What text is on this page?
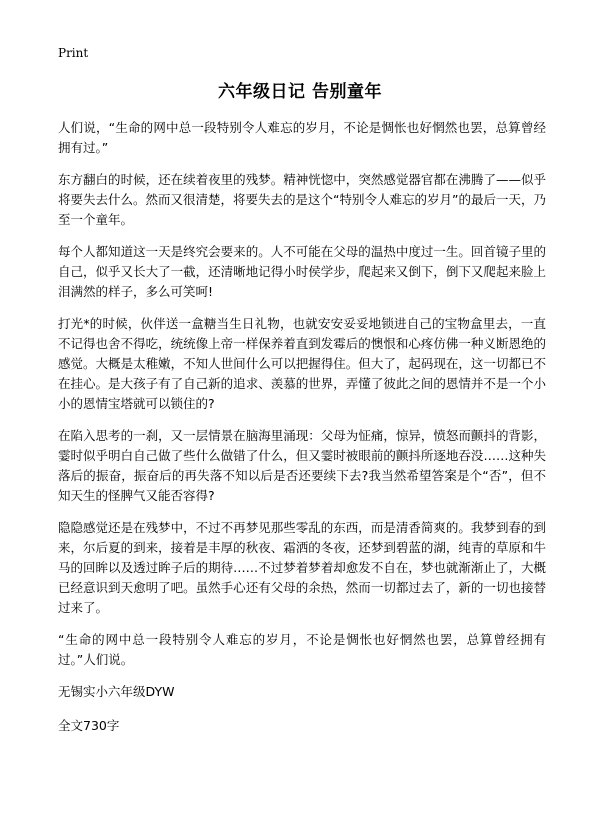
Print
六年级日记 告别童年

人们说，“生命的网中总一段特别令人难忘的岁月，不论是惆怅也好惘然也罢，总算曾经拥有过。”

东方翻白的时候，还在续着夜里的残梦。精神恍惚中，突然感觉器官都在沸腾了——似乎将要失去什么。然而又很清楚，将要失去的是这个“特别令人难忘的岁月”的最后一天，乃至一个童年。

每个人都知道这一天是终究会要来的。人不可能在父母的温热中度过一生。回首镜子里的自己，似乎又长大了一截，还清晰地记得小时侯学步，爬起来又倒下，倒下又爬起来脸上泪满然的样子，多么可笑呵!

打光*的时候，伙伴送一盒糖当生日礼物，也就安安妥妥地锁进自己的宝物盒里去，一直不记得也舍不得吃，统统像上帝一样保养着直到发霉后的懊恨和心疼仿佛一种义断恩绝的感觉。大概是太稚嫩，不知人世间什么可以把握得住。但大了，起码现在，这一切都已不在挂心。是大孩子有了自己新的追求、羡慕的世界，弄懂了彼此之间的恩情并不是一个小小的恩情宝塔就可以锁住的?

在陷入思考的一刹，又一层情景在脑海里涌现：父母为怔痛，惊异，愤怒而颤抖的背影，霎时似乎明白自己做了些什么做错了什么，但又霎时被眼前的颤抖所逐地吞没……这种失落后的振奋，振奋后的再失落不知以后是否还要续下去?我当然希望答案是个“否”，但不知天生的怪脾气又能否容得?

隐隐感觉还是在残梦中，不过不再梦见那些零乱的东西，而是清香简爽的。我梦到春的到来，尔后夏的到来，接着是丰厚的秋夜、霜洒的冬夜，还梦到碧蓝的湖，纯青的草原和牛马的回眸以及透过眸子后的期待……不过梦着梦着却愈发不自在，梦也就渐渐止了，大概已经意识到天愈明了吧。虽然手心还有父母的余热，然而一切都过去了，新的一切也接替过来了。

“生命的网中总一段特别令人难忘的岁月，不论是惆怅也好惘然也罢，总算曾经拥有过。”人们说。

无锡实小六年级DYW

全文730字
